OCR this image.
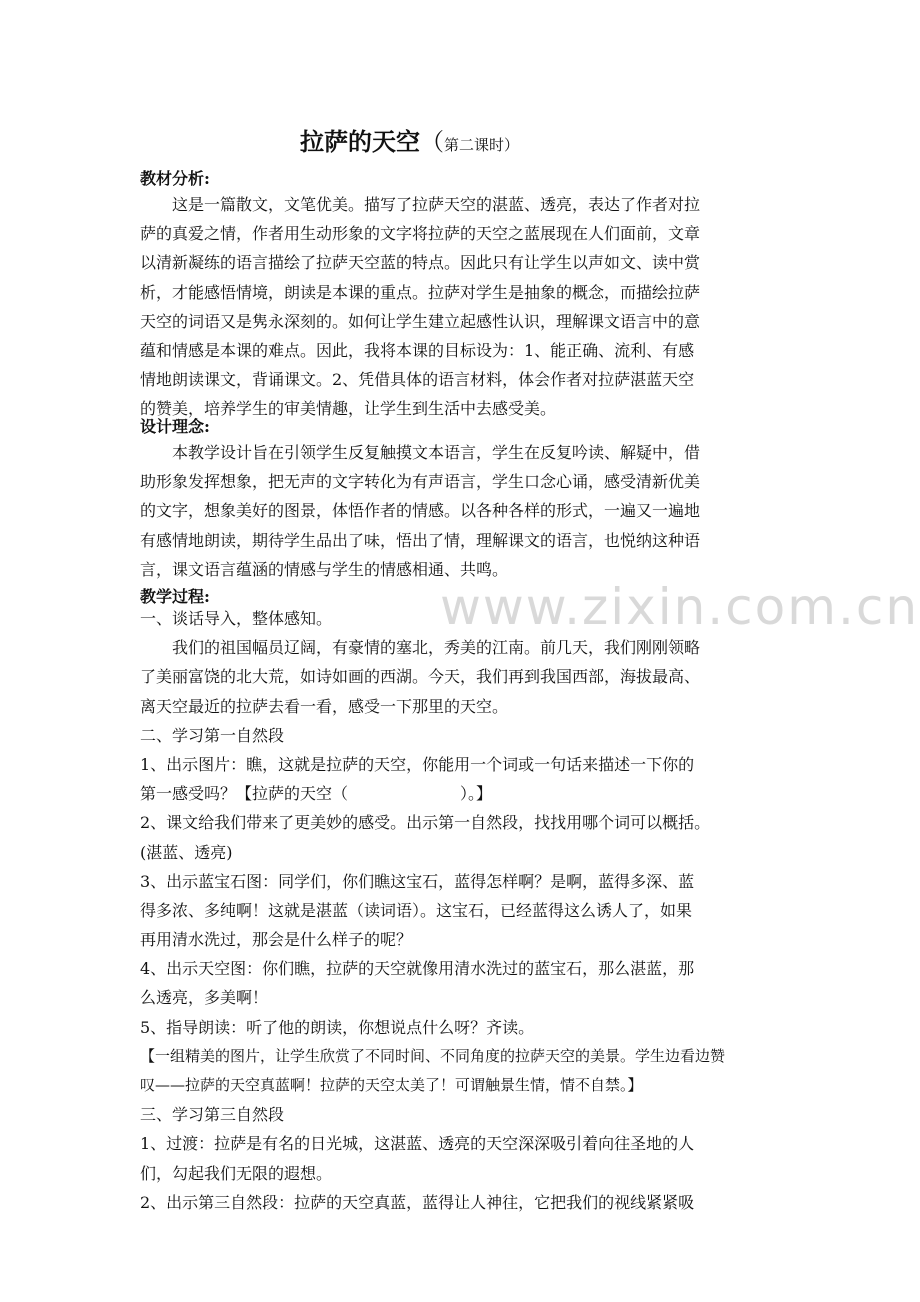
www.zixin.com.cn
拉萨的天空（第二课时）
教材分析:
　　这是一篇散文，文笔优美。描写了拉萨天空的湛蓝、透亮，表达了作者对拉
萨的真爱之情，作者用生动形象的文字将拉萨的天空之蓝展现在人们面前，文章
以清新凝练的语言描绘了拉萨天空蓝的特点。因此只有让学生以声如文、读中赏
析，才能感悟情境，朗读是本课的重点。拉萨对学生是抽象的概念，而描绘拉萨
天空的词语又是隽永深刻的。如何让学生建立起感性认识，理解课文语言中的意
蕴和情感是本课的难点。因此，我将本课的目标设为：1、能正确、流利、有感
情地朗读课文，背诵课文。2、凭借具体的语言材料，体会作者对拉萨湛蓝天空
的赞美，培养学生的审美情趣，让学生到生活中去感受美。
设计理念:
　　本教学设计旨在引领学生反复触摸文本语言，学生在反复吟读、解疑中，借
助形象发挥想象，把无声的文字转化为有声语言，学生口念心诵，感受清新优美
的文字，想象美好的图景，体悟作者的情感。以各种各样的形式，一遍又一遍地
有感情地朗读，期待学生品出了味，悟出了情，理解课文的语言，也悦纳这种语
言，课文语言蕴涵的情感与学生的情感相通、共鸣。
教学过程:
一、谈话导入，整体感知。
　　我们的祖国幅员辽阔，有豪情的塞北，秀美的江南。前几天，我们刚刚领略
了美丽富饶的北大荒，如诗如画的西湖。今天，我们再到我国西部，海拔最高、
离天空最近的拉萨去看一看，感受一下那里的天空。
二、学习第一自然段
1、出示图片：瞧，这就是拉萨的天空，你能用一个词或一句话来描述一下你的
第一感受吗？【拉萨的天空（　　　　　　　）。】
2、课文给我们带来了更美妙的感受。出示第一自然段，找找用哪个词可以概括。
(湛蓝、透亮)
3、出示蓝宝石图：同学们，你们瞧这宝石，蓝得怎样啊？是啊，蓝得多深、蓝
得多浓、多纯啊！这就是湛蓝（读词语）。这宝石，已经蓝得这么诱人了，如果
再用清水洗过，那会是什么样子的呢？
4、出示天空图：你们瞧，拉萨的天空就像用清水洗过的蓝宝石，那么湛蓝，那
么透亮，多美啊！
5、指导朗读：听了他的朗读，你想说点什么呀？齐读。
【一组精美的图片，让学生欣赏了不同时间、不同角度的拉萨天空的美景。学生边看边赞
叹——拉萨的天空真蓝啊！拉萨的天空太美了！可谓触景生情，情不自禁。】
三、学习第三自然段
1、过渡：拉萨是有名的日光城，这湛蓝、透亮的天空深深吸引着向往圣地的人
们，勾起我们无限的遐想。
2、出示第三自然段：拉萨的天空真蓝，蓝得让人神往，它把我们的视线紧紧吸
